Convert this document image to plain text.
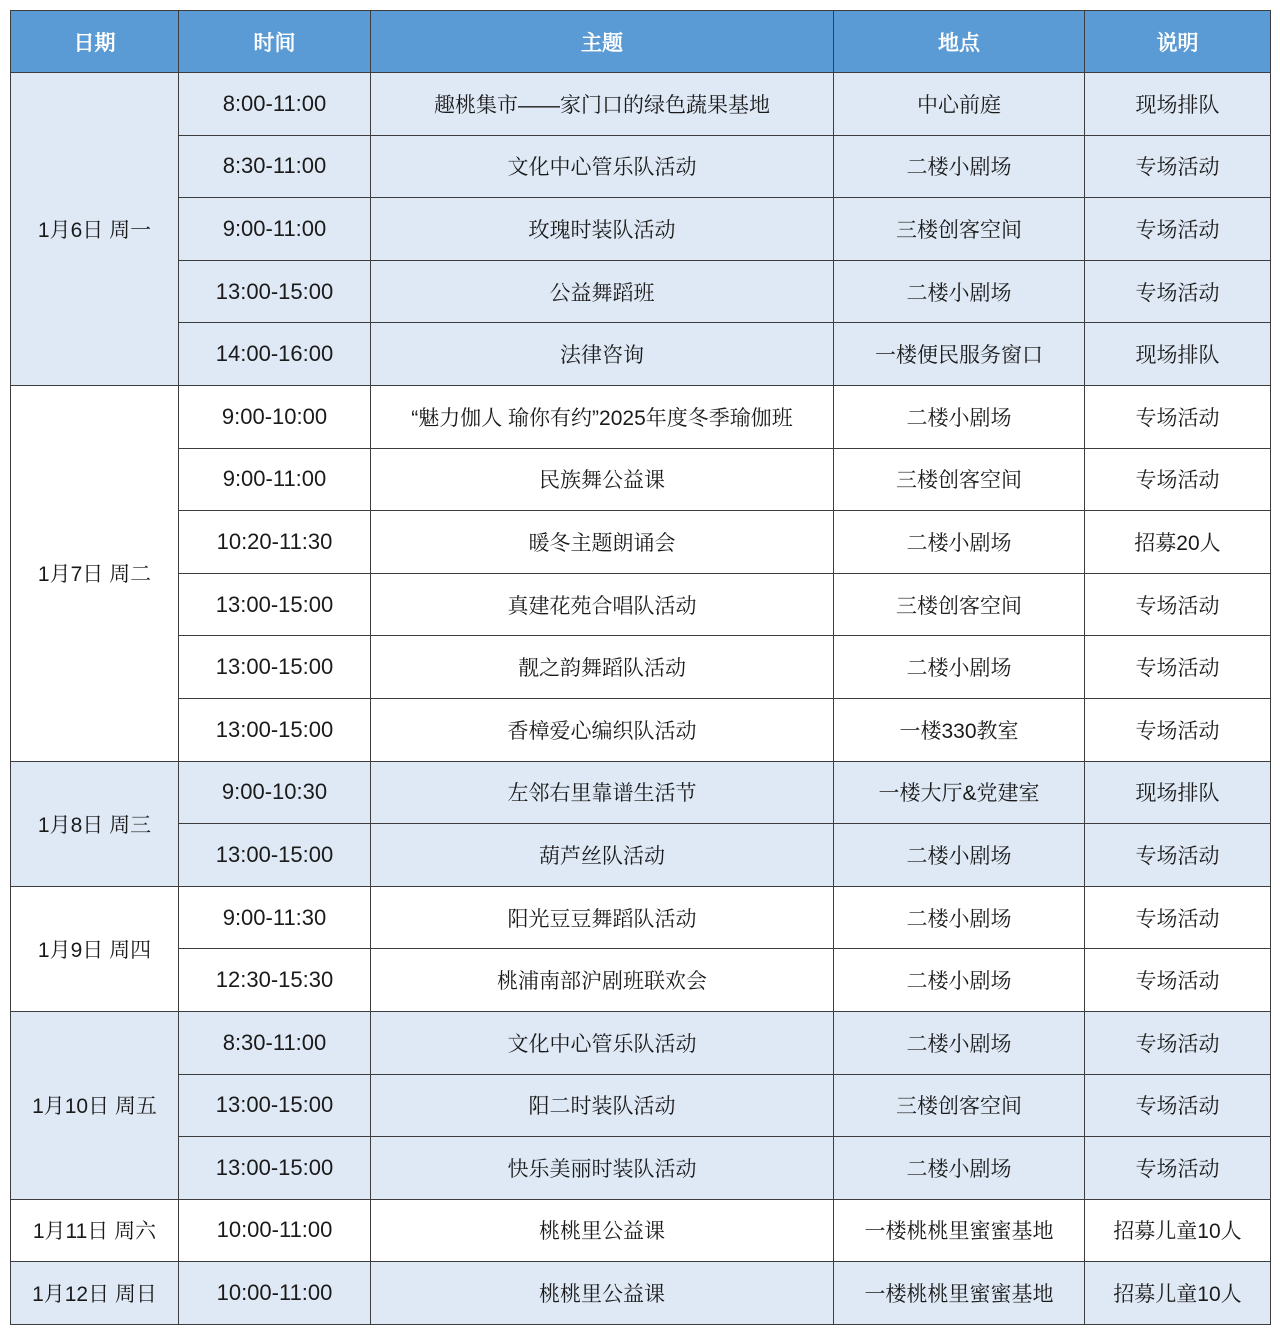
日期	时间	主题	地点	说明
1月6日 周一	8:00-11:00	趣桃集市——家门口的绿色蔬果基地	中心前庭	现场排队
	8:30-11:00	文化中心管乐队活动	二楼小剧场	专场活动
	9:00-11:00	玫瑰时装队活动	三楼创客空间	专场活动
	13:00-15:00	公益舞蹈班	二楼小剧场	专场活动
	14:00-16:00	法律咨询	一楼便民服务窗口	现场排队
1月7日 周二	9:00-10:00	“魅力伽人 瑜你有约”2025年度冬季瑜伽班	二楼小剧场	专场活动
	9:00-11:00	民族舞公益课	三楼创客空间	专场活动
	10:20-11:30	暖冬主题朗诵会	二楼小剧场	招募20人
	13:00-15:00	真建花苑合唱队活动	三楼创客空间	专场活动
	13:00-15:00	靓之韵舞蹈队活动	二楼小剧场	专场活动
	13:00-15:00	香樟爱心编织队活动	一楼330教室	专场活动
1月8日 周三	9:00-10:30	左邻右里靠谱生活节	一楼大厅&党建室	现场排队
	13:00-15:00	葫芦丝队活动	二楼小剧场	专场活动
1月9日 周四	9:00-11:30	阳光豆豆舞蹈队活动	二楼小剧场	专场活动
	12:30-15:30	桃浦南部沪剧班联欢会	二楼小剧场	专场活动
1月10日 周五	8:30-11:00	文化中心管乐队活动	二楼小剧场	专场活动
	13:00-15:00	阳二时装队活动	三楼创客空间	专场活动
	13:00-15:00	快乐美丽时装队活动	二楼小剧场	专场活动
1月11日 周六	10:00-11:00	桃桃里公益课	一楼桃桃里蜜蜜基地	招募儿童10人
1月12日 周日	10:00-11:00	桃桃里公益课	一楼桃桃里蜜蜜基地	招募儿童10人
